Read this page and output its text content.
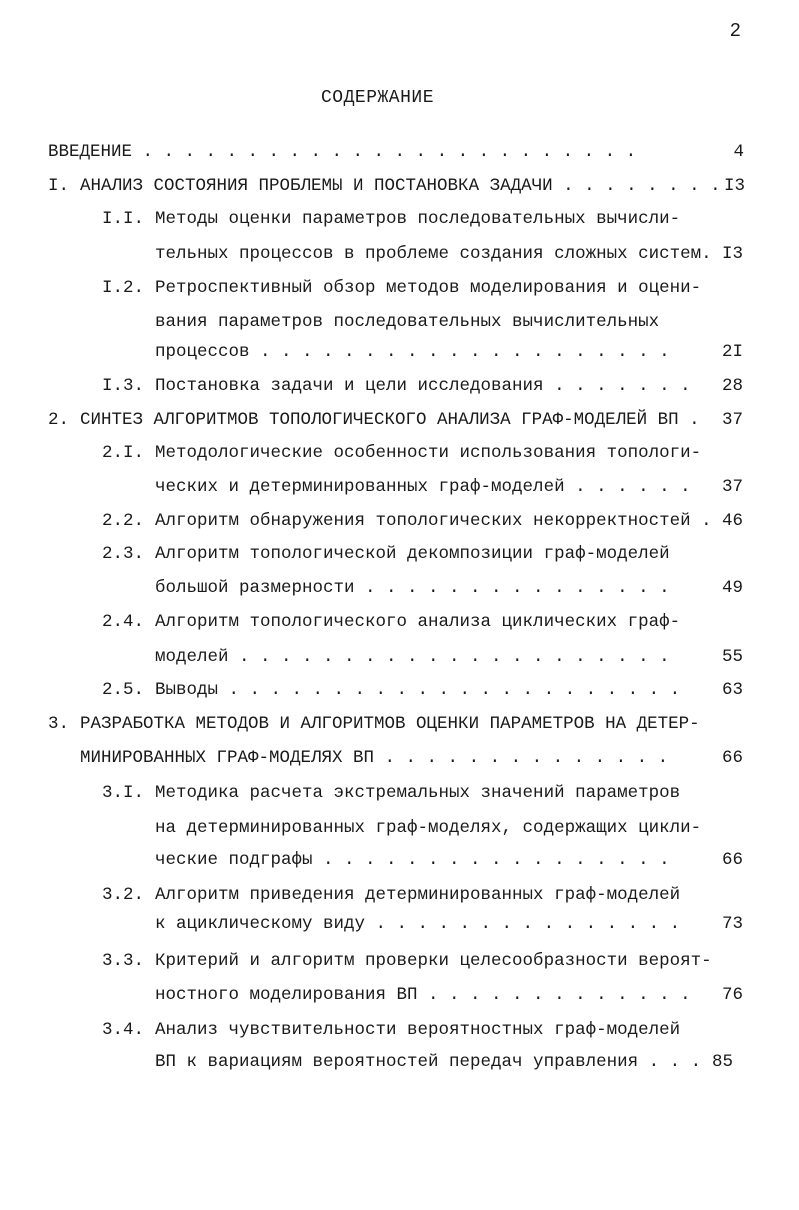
2
СОДЕРЖАНИЕ
ВВЕДЕНИЕ . . . . . . . . . . . . . . . . . . . . . . . .	4
I. АНАЛИЗ СОСТОЯНИЯ ПРОБЛЕМЫ И ПОСТАНОВКА ЗАДАЧИ . . . . . . . . I3
I.I. Методы оценки параметров последовательных вычисли-
тельных процессов в проблеме создания сложных систем. I3
I.2. Ретроспективный обзор методов моделирования и оцени-
вания параметров последовательных вычислительных
процессов . . . . . . . . . . . . . . . . . . . .	2I
I.3. Постановка задачи и цели исследования . . . . . . . 28
2. СИНТЕЗ АЛГОРИТМОВ ТОПОЛОГИЧЕСКОГО АНАЛИЗА ГРАФ-МОДЕЛЕЙ ВП . 37
2.I. Методологические особенности использования топологи-
ческих и детерминированных граф-моделей . . . . . . 37
2.2. Алгоритм обнаружения топологических некорректностей . 46
2.3. Алгоритм топологической декомпозиции граф-моделей
большой размерности . . . . . . . . . . . . . . .	49
2.4. Алгоритм топологического анализа циклических граф-
моделей . . . . . . . . . . . . . . . . . . . . .	55
2.5. Выводы . . . . . . . . . . . . . . . . . . . . . . 63
3. РАЗРАБОТКА МЕТОДОВ И АЛГОРИТМОВ ОЦЕНКИ ПАРАМЕТРОВ НА ДЕТЕР-
МИНИРОВАННЫХ ГРАФ-МОДЕЛЯХ ВП . . . . . . . . . . . . . .	66
3.I. Методика расчета экстремальных значений параметров
на детерминированных граф-моделях, содержащих цикли-
ческие подграфы . . . . . . . . . . . . . . . . .	66
3.2. Алгоритм приведения детерминированных граф-моделей
к ациклическому виду . . . . . . . . . . . . . . . 73
3.3. Критерий и алгоритм проверки целесообразности вероят-
ностного моделирования ВП . . . . . . . . . . . . . 76
3.4. Анализ чувствительности вероятностных граф-моделей
ВП к вариациям вероятностей передач управления . . . 85
